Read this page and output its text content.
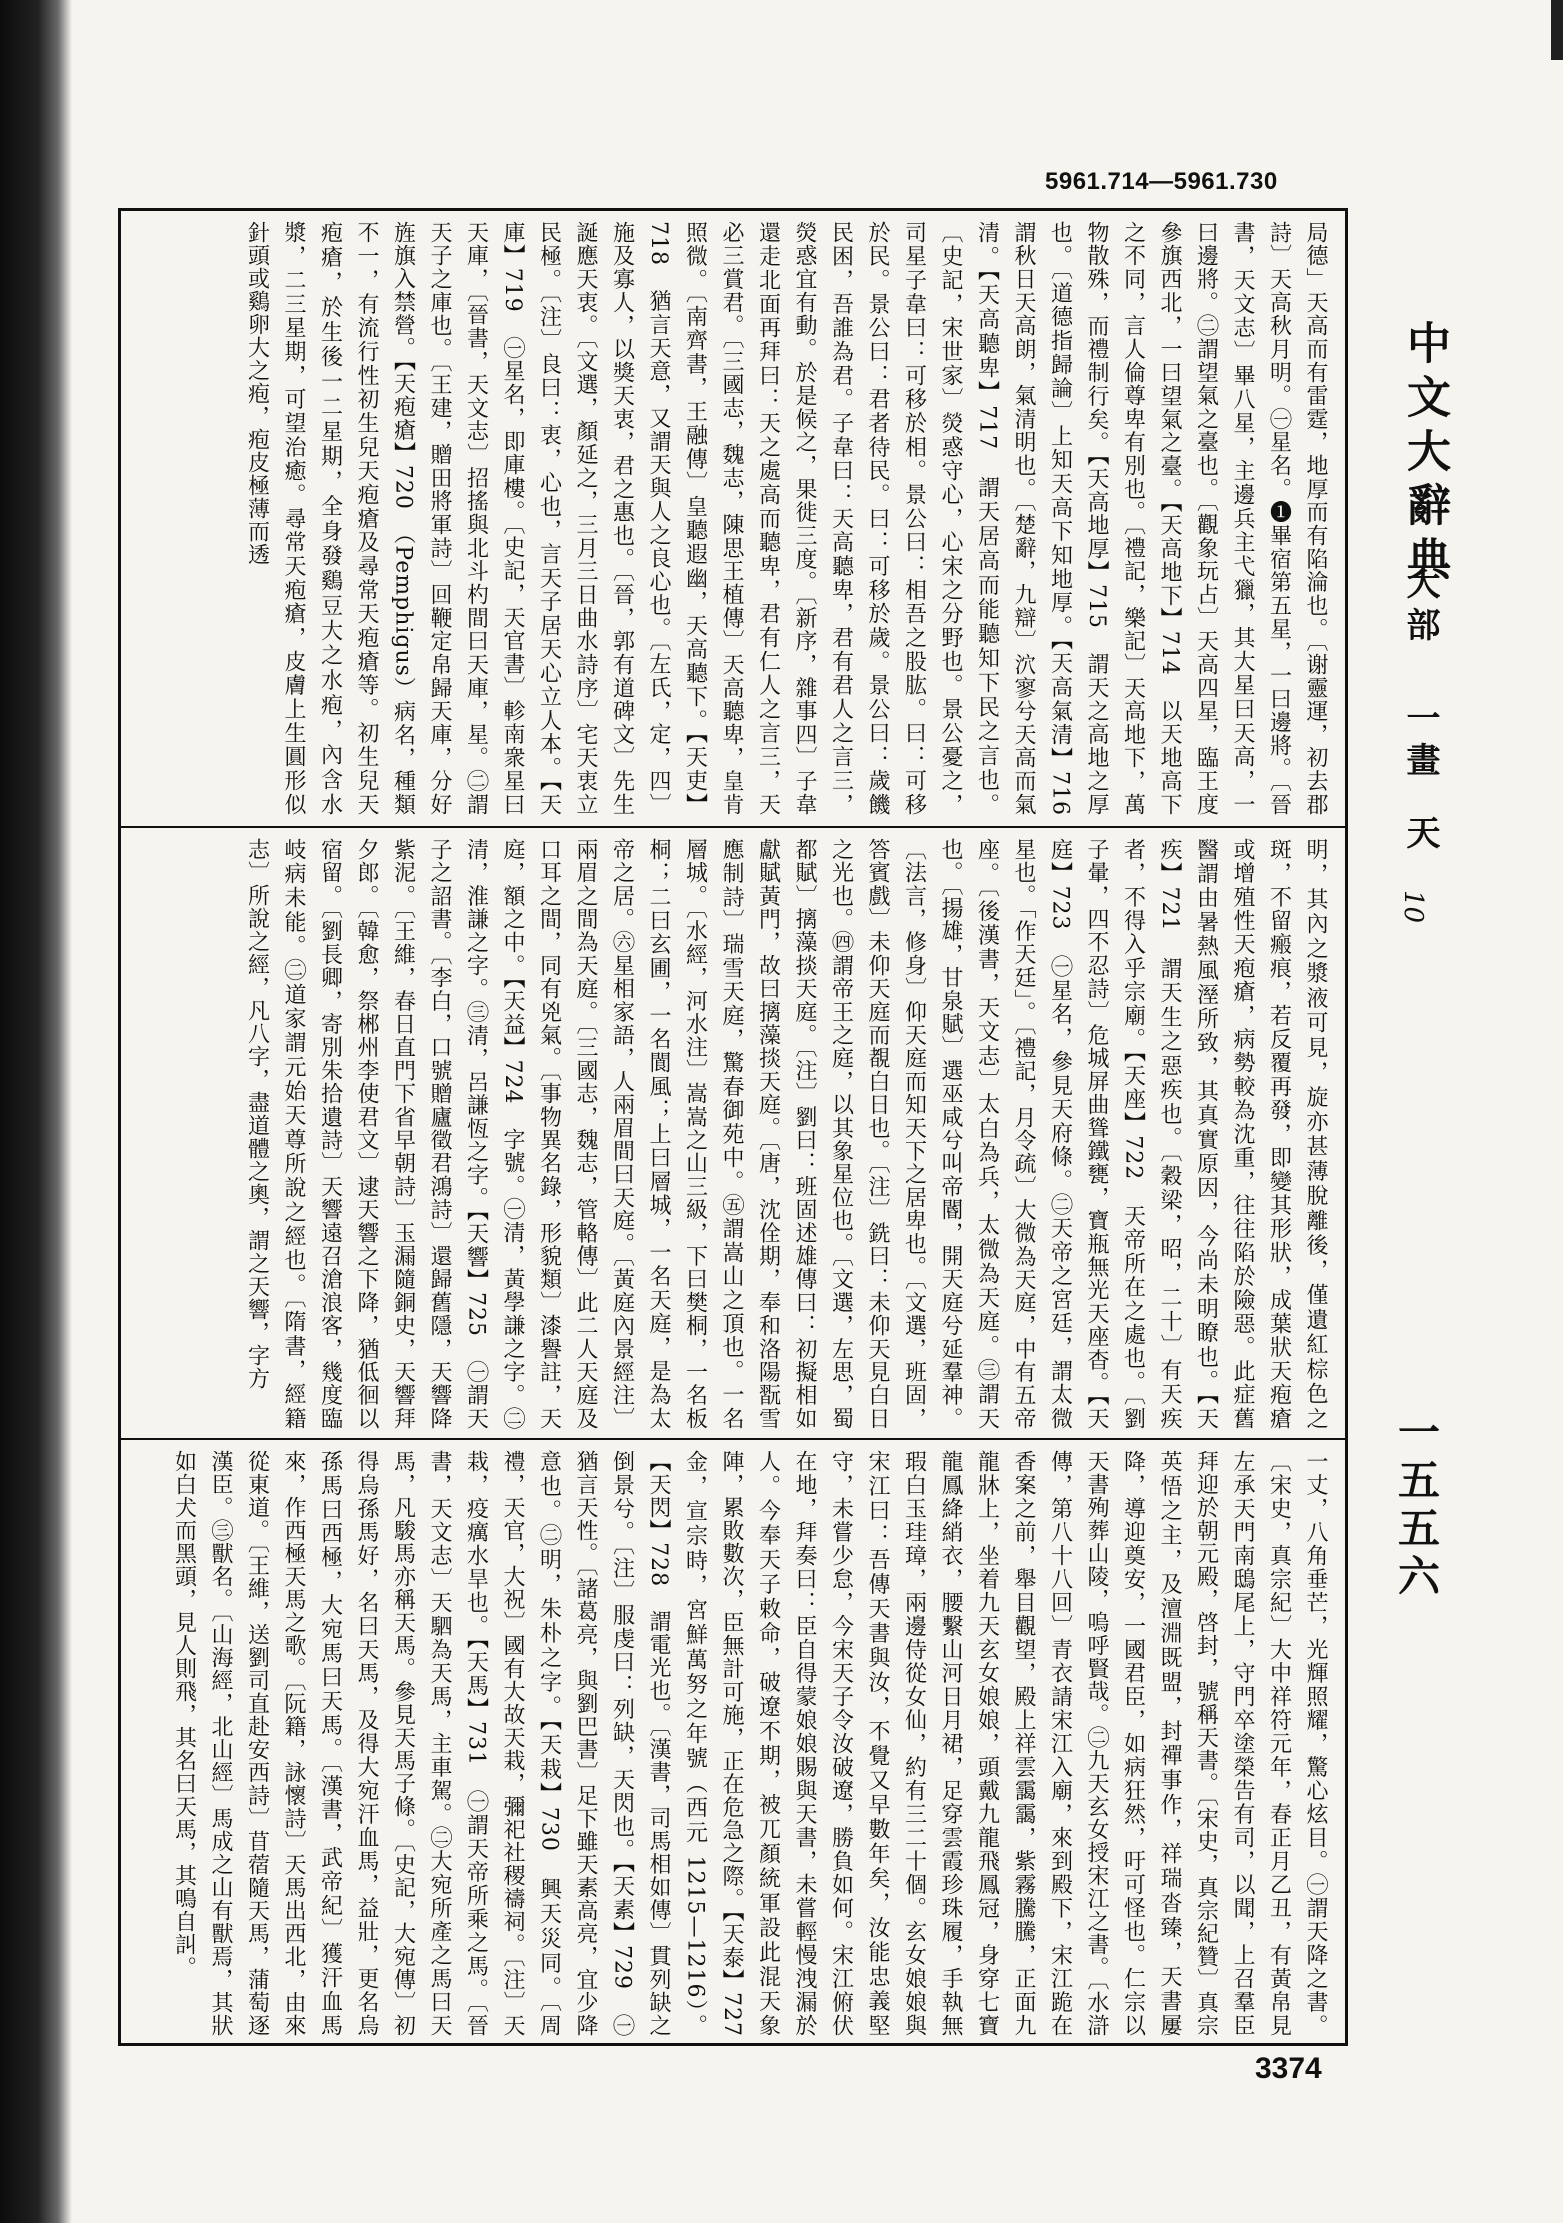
5961.714—5961.730
局德」天高而有雷霆，地厚而有陷淪也。〔谢靈運，初去郡詩〕天高秋月明。㊀星名。❶畢宿第五星，一曰邊將。〔晉書，天文志〕畢八星，主邊兵主弋獵，其大星曰天高，一曰邊將。㊁謂望氣之臺也。〔觀象玩占〕天高四星，臨王度參旗西北，一曰望氣之臺。【天高地下】714　以天地高下之不同，言人倫尊卑有別也。〔禮記，樂記〕天高地下，萬物散殊，而禮制行矣。【天高地厚】715　謂天之高地之厚也。〔道德指歸論〕上知天高下知地厚。【天高氣清】716　謂秋日天高朗，氣清明也。〔楚辭，九辯〕泬寥兮天高而氣清。【天高聽卑】717　謂天居高而能聽知下民之言也。〔史記，宋世家〕熒惑守心，心宋之分野也。景公憂之，司星子韋曰：可移於相。景公曰：相吾之股肱。曰：可移於民。景公曰：君者待民。曰：可移於歲。景公曰：歲饑民困，吾誰為君。子韋曰：天高聽卑，君有君人之言三，熒惑宜有動。於是候之，果徙三度。〔新序，雜事四〕子韋還走北面再拜曰：天之處高而聽卑，君有仁人之言三，天必三賞君。〔三國志，魏志，陳思王植傳〕天高聽卑，皇肯照微。〔南齊書，王融傳〕皇聽遐幽，天高聽下。【天吏】718　猶言天意，又謂天與人之良心也。〔左氏，定，四〕施及寡人，以獎天衷，君之惠也。〔晉，郭有道碑文〕先生誕應天衷。〔文選，顏延之，三月三日曲水詩序〕宅天衷立民極。〔注〕良曰：衷，心也，言天子居天心立人本。【天庫】719　㊀星名，即庫樓。〔史記，天官書〕軫南衆星曰天庫，〔晉書，天文志〕招搖與北斗杓間曰天庫，星。㊁謂天子之庫也。〔王建，贈田將軍詩〕回鞭定帛歸天庫，分好旌旗入禁營。【天疱瘡】720　（Pemphigus）病名，種類不一，有流行性初生兒天疱瘡及尋常天疱瘡等。初生兒天疱瘡，於生後一二星期，全身發鷄豆大之水疱，內含水漿，二三星期，可望治癒。尋常天疱瘡，皮膚上生圓形似針頭或鷄卵大之疱，疱皮極薄而透
明，其內之漿液可見，旋亦甚薄脫離後，僅遺紅棕色之斑，不留瘢痕，若反覆再發，即變其形狀，成葉狀天疱瘡或增殖性天疱瘡，病勢較為沈重，往往陷於險惡。此症舊醫謂由暑熱風溼所致，其真實原因，今尚未明瞭也。【天疾】721　謂天生之惡疾也。〔穀梁，昭，二十〕有天疾者，不得入乎宗廟。【天座】722　天帝所在之處也。〔劉子暈，四不忍詩〕危城屏曲聳鐵甕，寶瓶無光天座杳。【天庭】723　㊀星名，參見天府條。㊁天帝之宮廷，謂太微星也。「作天廷」。〔禮記，月令疏〕大微為天庭，中有五帝座。〔後漢書，天文志〕太白為兵，太微為天庭。㊂謂天也。〔揚雄，甘泉賦〕選巫咸兮叫帝閽，開天庭兮延羣神。〔法言，修身〕仰天庭而知天下之居卑也。〔文選，班固，答賓戲〕未仰天庭而覩白日也。〔注〕銑曰：未仰天見白日之光也。㊃謂帝王之庭，以其象星位也。〔文選，左思，蜀都賦〕摛藻掞天庭。〔注〕劉曰：班固述雄傳曰：初擬相如獻賦黃門，故曰摛藻掞天庭。〔唐，沈佺期，奉和洛陽翫雪應制詩〕瑞雪天庭，驚春御苑中。㊄謂嵩山之頂也。一名層城。〔水經，河水注〕嵩嵩之山三級，下曰樊桐，一名板桐；二曰玄圃，一名閬風；上曰層城，一名天庭，是為太帝之居。㊅星相家語，人兩眉間曰天庭。〔黃庭內景經注〕兩眉之間為天庭。〔三國志，魏志，管輅傳〕此二人天庭及口耳之間，同有兇氣。〔事物異名錄，形貌類〕漆譽註，天庭，額之中。【天益】724　字號。㊀清，黃學謙之字。㊁清，淮謙之字。㊂清，呂謙恆之字。【天響】725　㊀謂天子之詔書。〔李白，口號贈廬徵君鴻詩〕還歸舊隱，天響降紫泥。〔王維，春日直門下省早朝詩〕玉漏隨銅史，天響拜夕郎。〔韓愈，祭郴州李使君文〕逮天響之下降，猶低徊以宿留。〔劉長卿，寄別朱拾遺詩〕天響遠召滄浪客，幾度臨岐病未能。㊁道家謂元始天尊所說之經也。〔隋書，經籍志〕所說之經，凡八字，盡道體之奧，謂之天響，字方
一丈，八角垂芒，光輝照耀，驚心炫目。㊀謂天降之書。〔宋史，真宗紀〕大中祥符元年，春正月乙丑，有黃帛見左承天門南鴟尾上，守門卒塗榮告有司，以聞，上召羣臣拜迎於朝元殿，啓封，號稱天書。〔宋史，真宗紀贊〕真宗英悟之主，及澶淵既盟，封禪事作，祥瑞沓臻，天書屢降，導迎奠安，一國君臣，如病狂然，吁可怪也。仁宗以天書殉葬山陵，嗚呼賢哉。㊁九天玄女授宋江之書。〔水滸傳，第八十八回〕青衣請宋江入廟，來到殿下，宋江跪在香案之前，舉目觀望，殿上祥雲靄靄，紫霧騰騰，正面九龍牀上，坐着九天玄女娘娘，頭戴九龍飛鳳冠，身穿七寶龍鳳絳綃衣，腰繫山河日月裙，足穿雲霞珍珠履，手執無瑕白玉珪璋，兩邊侍從女仙，約有三二十個。玄女娘娘與宋江曰：吾傳天書與汝，不覺又早數年矣，汝能忠義堅守，未嘗少怠，今宋天子令汝破遼，勝負如何。宋江俯伏在地，拜奏曰：臣自得蒙娘娘賜與天書，未嘗輕慢洩漏於人。今奉天子敕命，破遼不期，被兀顏統軍設此混天象陣，累敗數次，臣無計可施，正在危急之際。【天泰】727　金，宣宗時，宮鮮萬努之年號（西元 1215—1216）。【天閃】728　謂電光也。〔漢書，司馬相如傳〕貫列缺之倒景兮。〔注〕服虔曰：列缺，天閃也。【天素】729　㊀猶言天性。〔諸葛亮，與劉巴書〕足下雖天素高亮，宜少降意也。㊁明，朱朴之字。【天栽】730　興天災同。〔周禮，天官，大祝〕國有大故天栽，彌祀社稷禱祠。〔注〕天栽，疫癘水旱也。【天馬】731　㊀謂天帝所乘之馬。〔晉書，天文志〕天駟為天馬，主車駕。㊁大宛所產之馬曰天馬，凡駿馬亦稱天馬。參見天馬子條。〔史記，大宛傳〕初得烏孫馬好，名曰天馬，及得大宛汗血馬，益壯，更名烏孫馬曰西極，大宛馬曰天馬。〔漢書，武帝紀〕獲汗血馬來，作西極天馬之歌。〔阮籍，詠懷詩〕天馬出西北，由來從東道。〔王維，送劉司直赴安西詩〕苜蓿隨天馬，蒲萄逐漢臣。㊂獸名。〔山海經，北山經〕馬成之山有獸焉，其狀如白犬而黑頭，見人則飛，其名曰天馬，其鳴自訆。
中文大辭典
大部
一畫
天
10
一五五六
3374
